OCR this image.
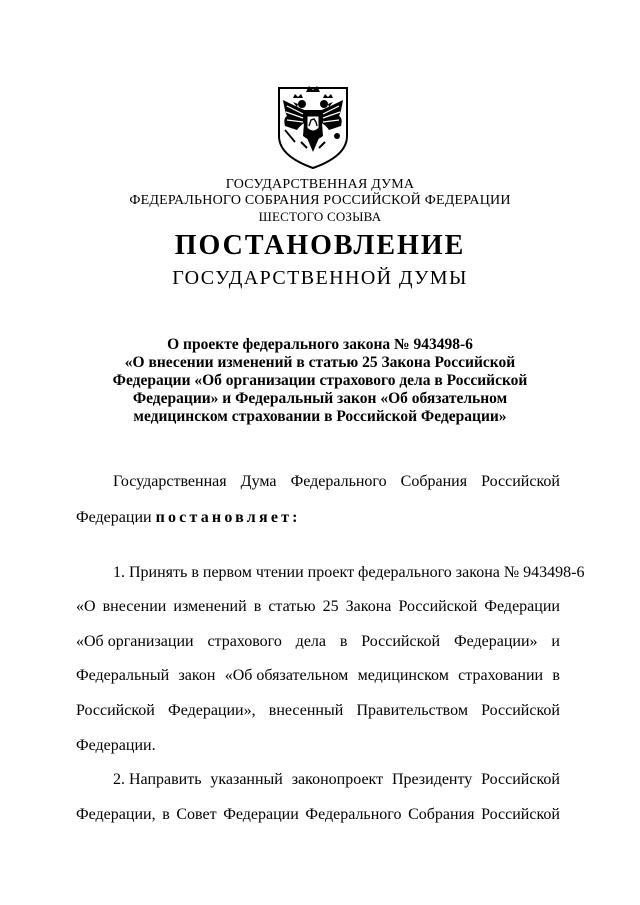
ГОСУДАРСТВЕННАЯ ДУМА
ФЕДЕРАЛЬНОГО СОБРАНИЯ РОССИЙСКОЙ ФЕДЕРАЦИИ
ШЕСТОГО СОЗЫВА
ПОСТАНОВЛЕНИЕ
ГОСУДАРСТВЕННОЙ ДУМЫ
О проекте федерального закона № 943498-6
«О внесении изменений в статью 25 Закона Российской
Федерации «Об организации страхового дела в Российской
Федерации» и Федеральный закон «Об обязательном
медицинском страховании в Российской Федерации»
Государственная Дума Федерального Собрания Российской
Федерации постановляет:
1. Принять в первом чтении проект федерального закона № 943498-6
«О внесении изменений в статью 25 Закона Российской Федерации
«Об организации страхового дела в Российской Федерации» и
Федеральный закон «Об обязательном медицинском страховании в
Российской Федерации», внесенный Правительством Российской
Федерации.
2. Направить указанный законопроект Президенту Российской
Федерации, в Совет Федерации Федерального Собрания Российской
